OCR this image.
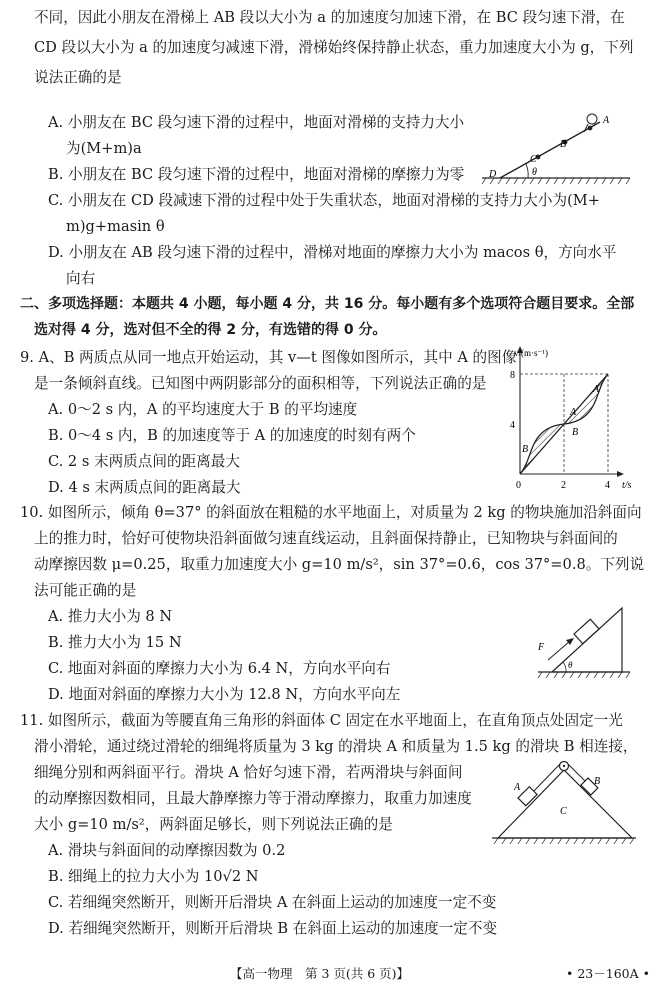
不同，因此小朋友在滑梯上 AB 段以大小为 a 的加速度匀加速下滑，在 BC 段匀速下滑，在
CD 段以大小为 a 的加速度匀减速下滑，滑梯始终保持静止状态，重力加速度大小为 g，下列
说法正确的是
A. 小朋友在 BC 段匀速下滑的过程中，地面对滑梯的支持力大小
为(M+m)a
B. 小朋友在 BC 段匀速下滑的过程中，地面对滑梯的摩擦力为零
C. 小朋友在 CD 段减速下滑的过程中处于失重状态，地面对滑梯的支持力大小为(M+
m)g+masin θ
D. 小朋友在 AB 段匀速下滑的过程中，滑梯对地面的摩擦力大小为 macos θ，方向水平
向右
二、多项选择题：本题共 4 小题，每小题 4 分，共 16 分。每小题有多个选项符合题目要求。全部
选对得 4 分，选对但不全的得 2 分，有选错的得 0 分。
9. A、B 两质点从同一地点开始运动，其 v—t 图像如图所示，其中 A 的图像
是一条倾斜直线。已知图中两阴影部分的面积相等，下列说法正确的是
A. 0～2 s 内，A 的平均速度大于 B 的平均速度
B. 0～4 s 内，B 的加速度等于 A 的加速度的时刻有两个
C. 2 s 末两质点间的距离最大
D. 4 s 末两质点间的距离最大
10. 如图所示，倾角 θ=37° 的斜面放在粗糙的水平地面上，对质量为 2 kg 的物块施加沿斜面向
上的推力时，恰好可使物块沿斜面做匀速直线运动，且斜面保持静止，已知物块与斜面间的
动摩擦因数 μ=0.25，取重力加速度大小 g=10 m/s²，sin 37°=0.6，cos 37°=0.8。下列说
法可能正确的是
A. 推力大小为 8 N
B. 推力大小为 15 N
C. 地面对斜面的摩擦力大小为 6.4 N，方向水平向右
D. 地面对斜面的摩擦力大小为 12.8 N，方向水平向左
11. 如图所示，截面为等腰直角三角形的斜面体 C 固定在水平地面上，在直角顶点处固定一光
滑小滑轮，通过绕过滑轮的细绳将质量为 3 kg 的滑块 A 和质量为 1.5 kg 的滑块 B 相连接，
细绳分别和两斜面平行。滑块 A 恰好匀速下滑，若两滑块与斜面间
的动摩擦因数相同，且最大静摩擦力等于滑动摩擦力，取重力加速度
大小 g=10 m/s²，两斜面足够长，则下列说法正确的是
A. 滑块与斜面间的动摩擦因数为 0.2
B. 细绳上的拉力大小为 10√2 N
C. 若细绳突然断开，则断开后滑块 A 在斜面上运动的加速度一定不变
D. 若细绳突然断开，则断开后滑块 B 在斜面上运动的加速度一定不变
A
B
C
D	θ
v/(m·s⁻¹)
t/s
8
4
0	2	4
A
A
B
B
F
θ
A
B
C
【高一物理　第 3 页(共 6 页)】	• 23－160A •
